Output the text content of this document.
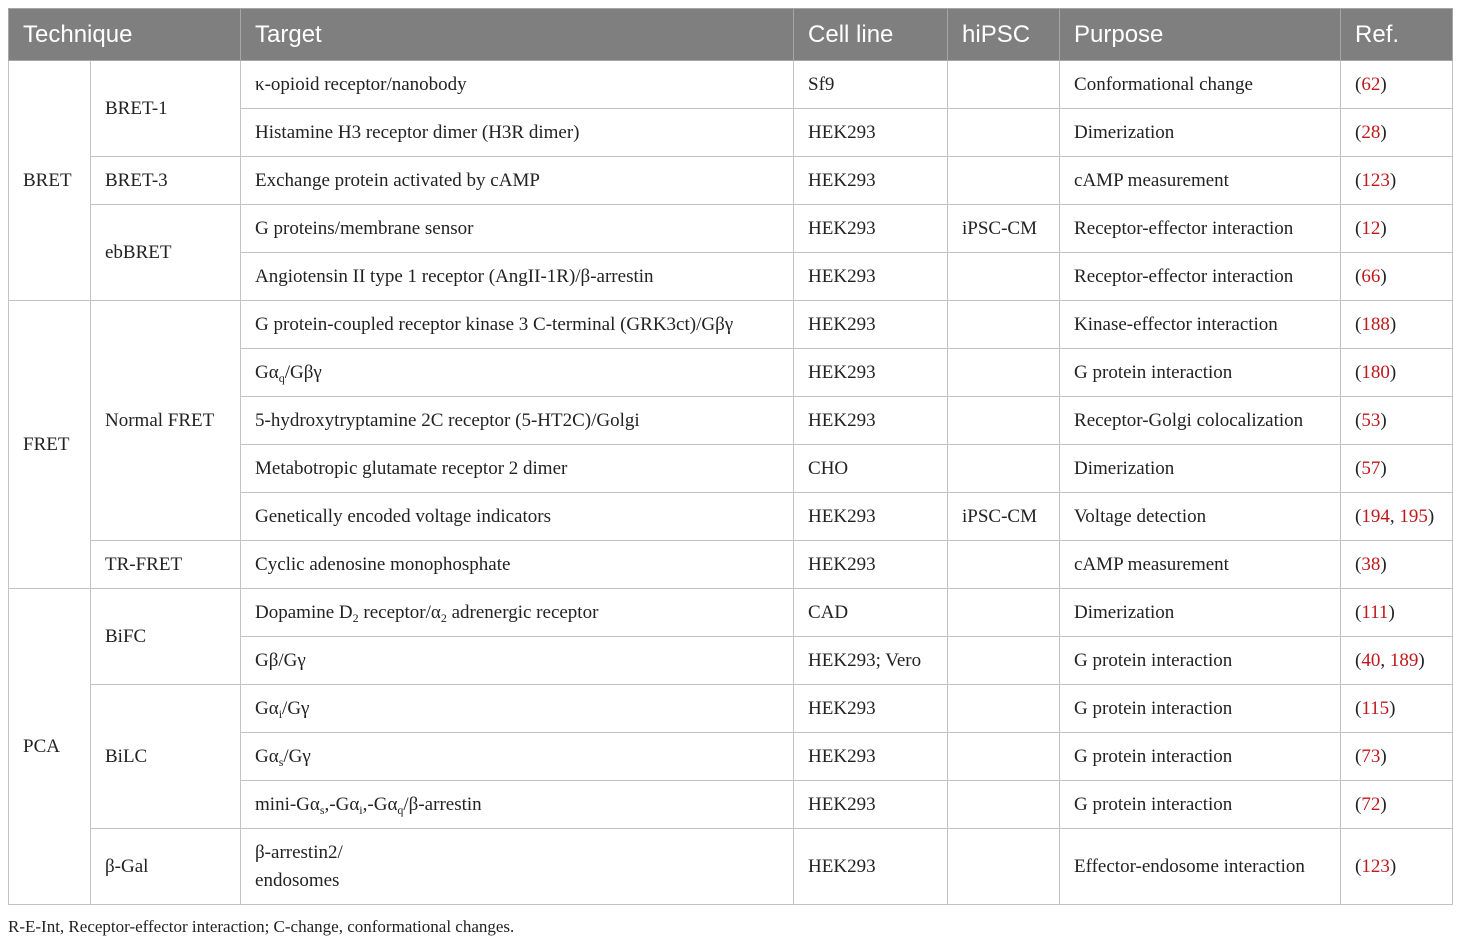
Technique		Target	Cell line	hiPSC	Purpose	Ref.
BRET	BRET-1	κ-opioid receptor/nanobody	Sf9		Conformational change	(62)
		Histamine H3 receptor dimer (H3R dimer)	HEK293		Dimerization	(28)
	BRET-3	Exchange protein activated by cAMP	HEK293		cAMP measurement	(123)
	ebBRET	G proteins/membrane sensor	HEK293	iPSC-CM	Receptor-effector interaction	(12)
		Angiotensin II type 1 receptor (AngII-1R)/β-arrestin	HEK293		Receptor-effector interaction	(66)
FRET	Normal FRET	G protein-coupled receptor kinase 3 C-terminal (GRK3ct)/Gβγ	HEK293		Kinase-effector interaction	(188)
		$G\alpha_q$/Gβγ	HEK293		G protein interaction	(180)
		5-hydroxytryptamine 2C receptor (5-HT2C)/Golgi	HEK293		Receptor-Golgi colocalization	(53)
		Metabotropic glutamate receptor 2 dimer	CHO		Dimerization	(57)
		Genetically encoded voltage indicators	HEK293	iPSC-CM	Voltage detection	(194, 195)
	TR-FRET	Cyclic adenosine monophosphate	HEK293		cAMP measurement	(38)
PCA	BiFC	Dopamine $D_2$ receptor/$\alpha_2$ adrenergic receptor	CAD		Dimerization	(111)
		Gβ/Gγ	HEK293; Vero		G protein interaction	(40, 189)
	BiLC	$G\alpha_i/G\gamma$	HEK293		G protein interaction	(115)
		$G\alpha_s/G\gamma$	HEK293		G protein interaction	(73)
		mini-$G\alpha_s,-G\alpha_i,-G\alpha_q/\beta$-arrestin	HEK293		G protein interaction	(72)
	β-Gal	β-arrestin2/
endosomes	HEK293		Effector-endosome interaction	(123)
R-E-Int, Receptor-effector interaction; C-change, conformational changes.
